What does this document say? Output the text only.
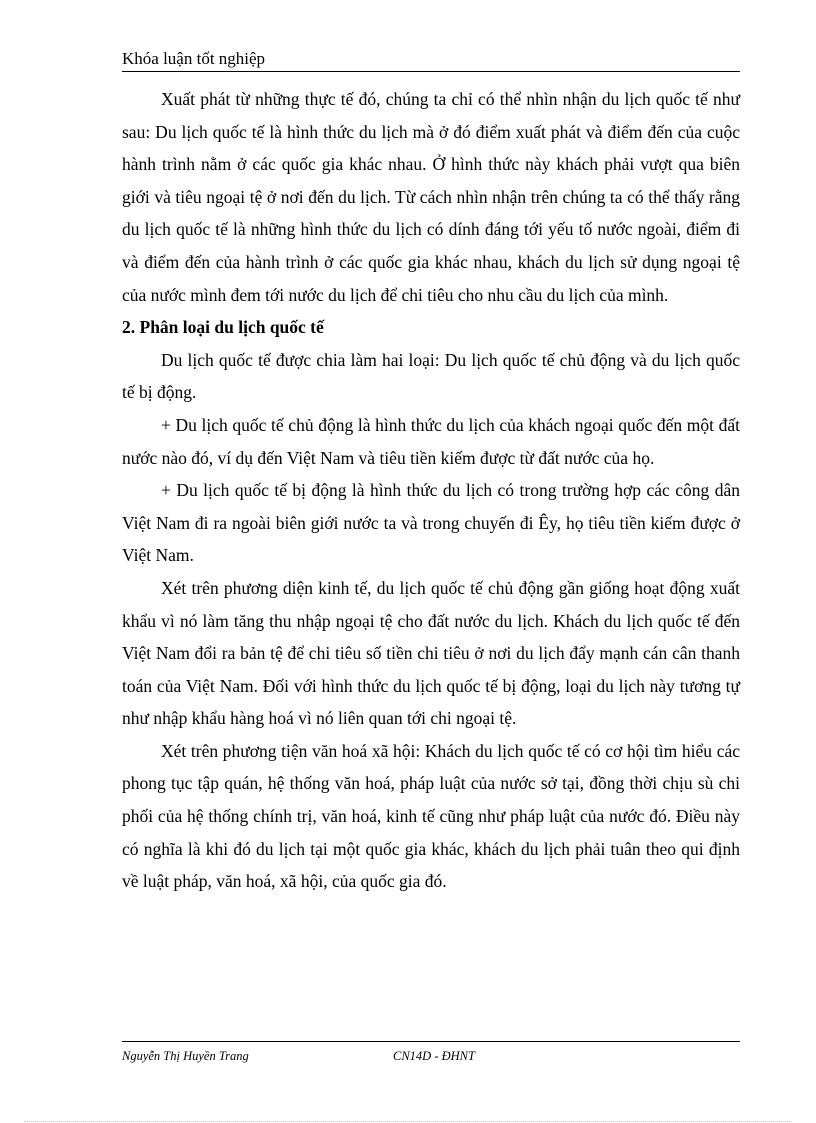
Khóa luận tốt nghiệp

Xuất phát từ những thực tế đó, chúng ta chỉ có thể nhìn nhận du lịch quốc tế như sau: Du lịch quốc tế là hình thức du lịch mà ở đó điểm xuất phát và điểm đến của cuộc hành trình nằm ở các quốc gia khác nhau. Ở hình thức này khách phải vượt qua biên giới và tiêu ngoại tệ ở nơi đến du lịch. Từ cách nhìn nhận trên chúng ta có thể thấy rằng du lịch quốc tế là những hình thức du lịch có dính đáng tới yếu tố nước ngoài, điểm đi và điểm đến của hành trình ở các quốc gia khác nhau, khách du lịch sử dụng ngoại tệ của nước mình đem tới nước du lịch để chi tiêu cho nhu cầu du lịch của mình.

2. Phân loại du lịch quốc tế

Du lịch quốc tế được chia làm hai loại: Du lịch quốc tế chủ động và du lịch quốc tế bị động.

+ Du lịch quốc tế chủ động là hình thức du lịch của khách ngoại quốc đến một đất nước nào đó, ví dụ đến Việt Nam và tiêu tiền kiếm được từ đất nước của họ.

+ Du lịch quốc tế bị động là hình thức du lịch có trong trường hợp các công dân Việt Nam đi ra ngoài biên giới nước ta và trong chuyến đi Êy, họ tiêu tiền kiếm được ở Việt Nam.

Xét trên phương diện kinh tế, du lịch quốc tế chủ động gần giống hoạt động xuất khẩu vì nó làm tăng thu nhập ngoại tệ cho đất nước du lịch. Khách du lịch quốc tế đến Việt Nam đổi ra bản tệ để chi tiêu số tiền chi tiêu ở nơi du lịch đẩy mạnh cán cân thanh toán của Việt Nam. Đối với hình thức du lịch quốc tế bị động, loại du lịch này tương tự như nhập khẩu hàng hoá vì nó liên quan tới chi ngoại tệ.

Xét trên phương tiện văn hoá xã hội: Khách du lịch quốc tế có cơ hội tìm hiểu các phong tục tập quán, hệ thống văn hoá, pháp luật của nước sở tại, đồng thời chịu sù chi phối của hệ thống chính trị, văn hoá, kinh tế cũng như pháp luật của nước đó. Điều này có nghĩa là khi đó du lịch tại một quốc gia khác, khách du lịch phải tuân theo qui định về luật pháp, văn hoá, xã hội, của quốc gia đó.

Nguyễn Thị Huyền Trang	CN14D - ĐHNT
